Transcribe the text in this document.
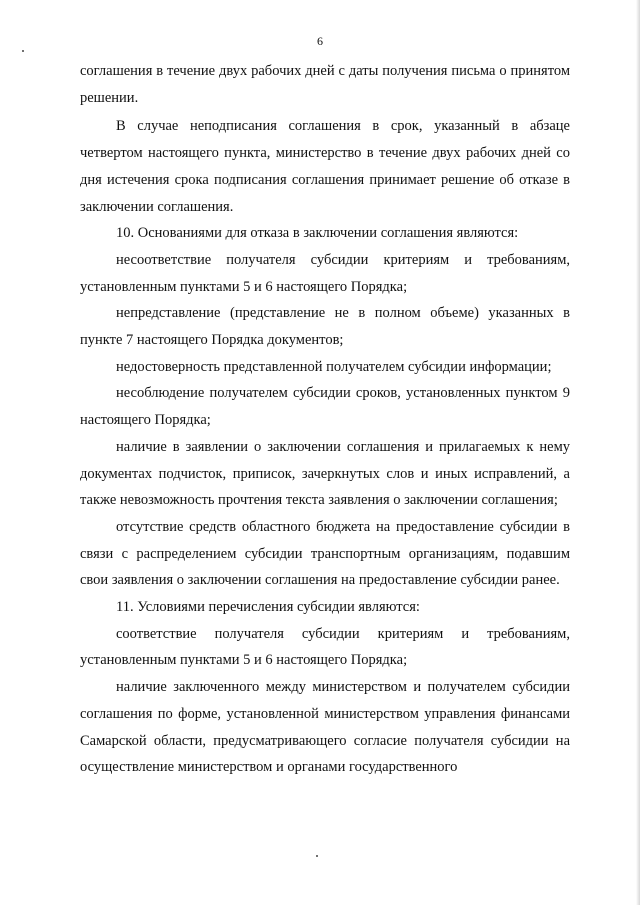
6

соглашения в течение двух рабочих дней с даты получения письма о принятом решении.

В случае неподписания соглашения в срок, указанный в абзаце четвертом настоящего пункта, министерство в течение двух рабочих дней со дня истечения срока подписания соглашения принимает решение об отказе в заключении соглашения.

10. Основаниями для отказа в заключении соглашения являются:

несоответствие получателя субсидии критериям и требованиям, установленным пунктами 5 и 6 настоящего Порядка;

непредставление (представление не в полном объеме) указанных в пункте 7 настоящего Порядка документов;

недостоверность представленной получателем субсидии информации;

несоблюдение получателем субсидии сроков, установленных пунктом 9 настоящего Порядка;

наличие в заявлении о заключении соглашения и прилагаемых к нему документах подчисток, приписок, зачеркнутых слов и иных исправлений, а также невозможность прочтения текста заявления о заключении соглашения;

отсутствие средств областного бюджета на предоставление субсидии в связи с распределением субсидии транспортным организациям, подавшим свои заявления о заключении соглашения на предоставление субсидии ранее.

11. Условиями перечисления субсидии являются:

соответствие получателя субсидии критериям и требованиям, установленным пунктами 5 и 6 настоящего Порядка;

наличие заключенного между министерством и получателем субсидии соглашения по форме, установленной министерством управления финансами Самарской области, предусматривающего согласие получателя субсидии на осуществление министерством и органами государственного
